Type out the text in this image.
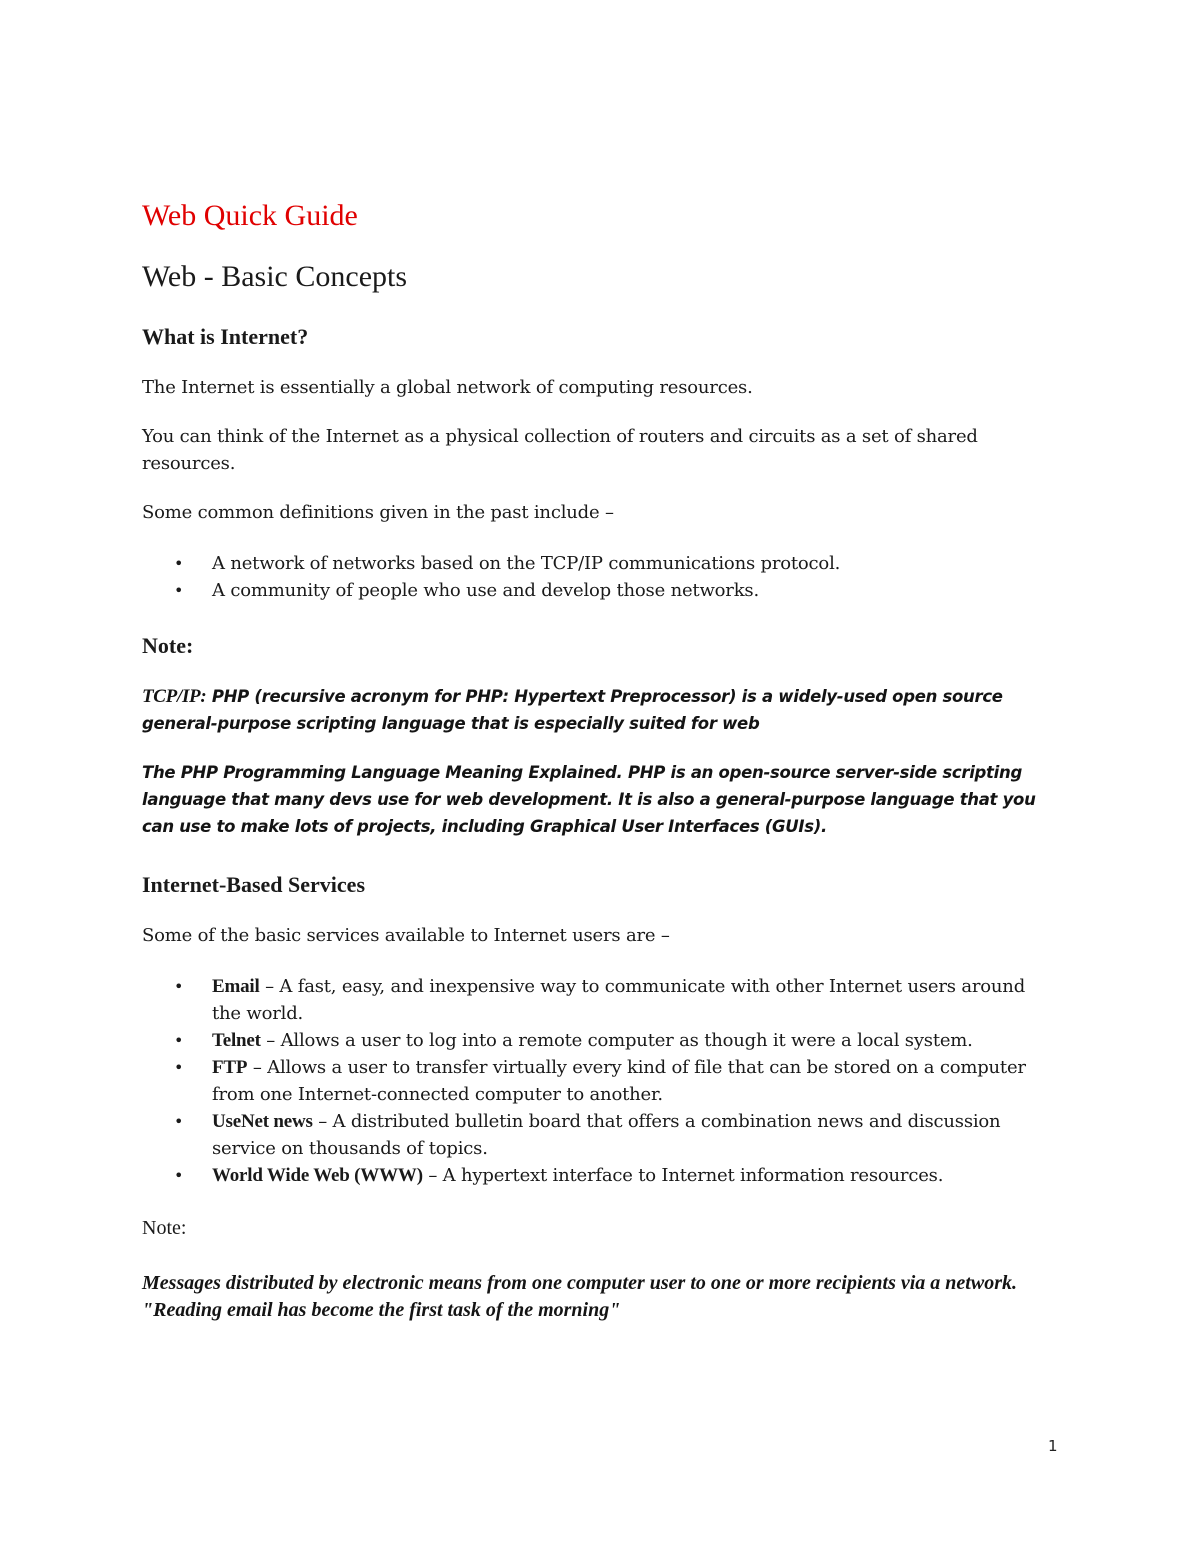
Web Quick Guide
Web - Basic Concepts
What is Internet?

The Internet is essentially a global network of computing resources.

You can think of the Internet as a physical collection of routers and circuits as a set of shared resources.

Some common definitions given in the past include –

• A network of networks based on the TCP/IP communications protocol.
• A community of people who use and develop those networks.
Note:

TCP/IP: PHP (recursive acronym for PHP: Hypertext Preprocessor) is a widely-used open source general-purpose scripting language that is especially suited for web

The PHP Programming Language Meaning Explained. PHP is an open-source server-side scripting language that many devs use for web development. It is also a general-purpose language that you can use to make lots of projects, including Graphical User Interfaces (GUIs).

Internet-Based Services

Some of the basic services available to Internet users are –

• Email – A fast, easy, and inexpensive way to communicate with other Internet users around the world.
• Telnet – Allows a user to log into a remote computer as though it were a local system.
• FTP – Allows a user to transfer virtually every kind of file that can be stored on a computer from one Internet-connected computer to another.
• UseNet news – A distributed bulletin board that offers a combination news and discussion service on thousands of topics.
• World Wide Web (WWW) – A hypertext interface to Internet information resources.

Note:

Messages distributed by electronic means from one computer user to one or more recipients via a network.
"Reading email has become the first task of the morning"

1
